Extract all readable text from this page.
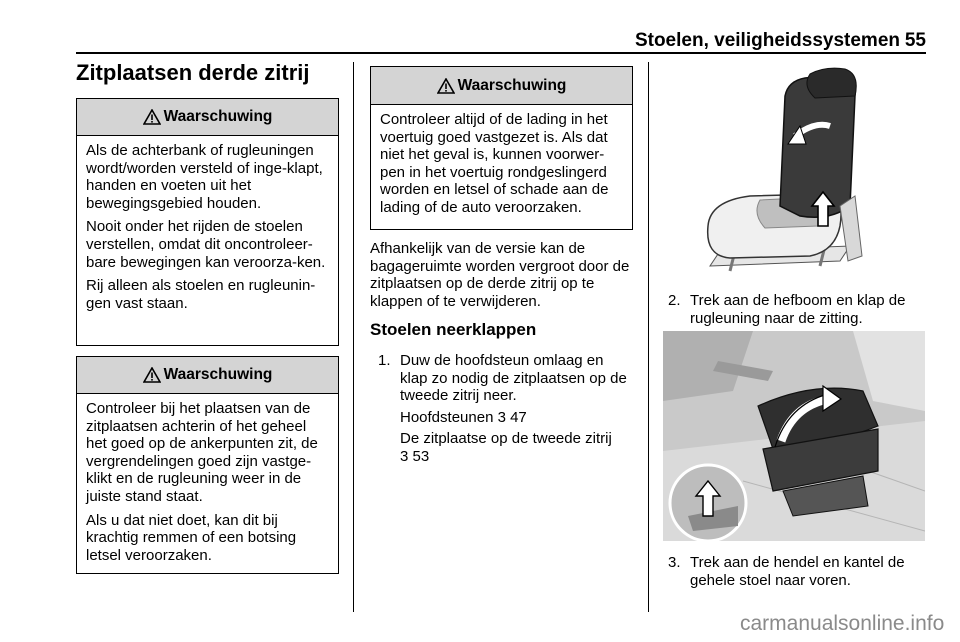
Stoelen, veiligheidssystemen 55
Zitplaatsen derde zitrij
Waarschuwing

Als de achterbank of rugleuningen wordt/worden versteld of inge-klapt, handen en voeten uit het bewegingsgebied houden.

Nooit onder het rijden de stoelen verstellen, omdat dit oncontroleer-bare bewegingen kan veroorza-ken.

Rij alleen als stoelen en rugleunin-gen vast staan.

Waarschuwing

Controleer bij het plaatsen van de zitplaatsen achterin of het geheel het goed op de ankerpunten zit, de vergrendelingen goed zijn vastge-klikt en de rugleuning weer in de juiste stand staat.

Als u dat niet doet, kan dit bij krachtig remmen of een botsing letsel veroorzaken.

Waarschuwing

Controleer altijd of de lading in het voertuig goed vastgezet is. Als dat niet het geval is, kunnen voorwer-pen in het voertuig rondgeslingerd worden en letsel of schade aan de lading of de auto veroorzaken.

Afhankelijk van de versie kan de bagageruimte worden vergroot door de zitplaatsen op de derde zitrij op te klappen of te verwijderen.

Stoelen neerklappen
1. Duw de hoofdsteun omlaag en klap zo nodig de zitplaatsen op de tweede zitrij neer.

Hoofdsteunen 3 47

De zitplaatse op de tweede zitrij
3 53

2. Trek aan de hefboom en klap de rugleuning naar de zitting.

3. Trek aan de hendel en kantel de gehele stoel naar voren.

carmanualsonline.info
